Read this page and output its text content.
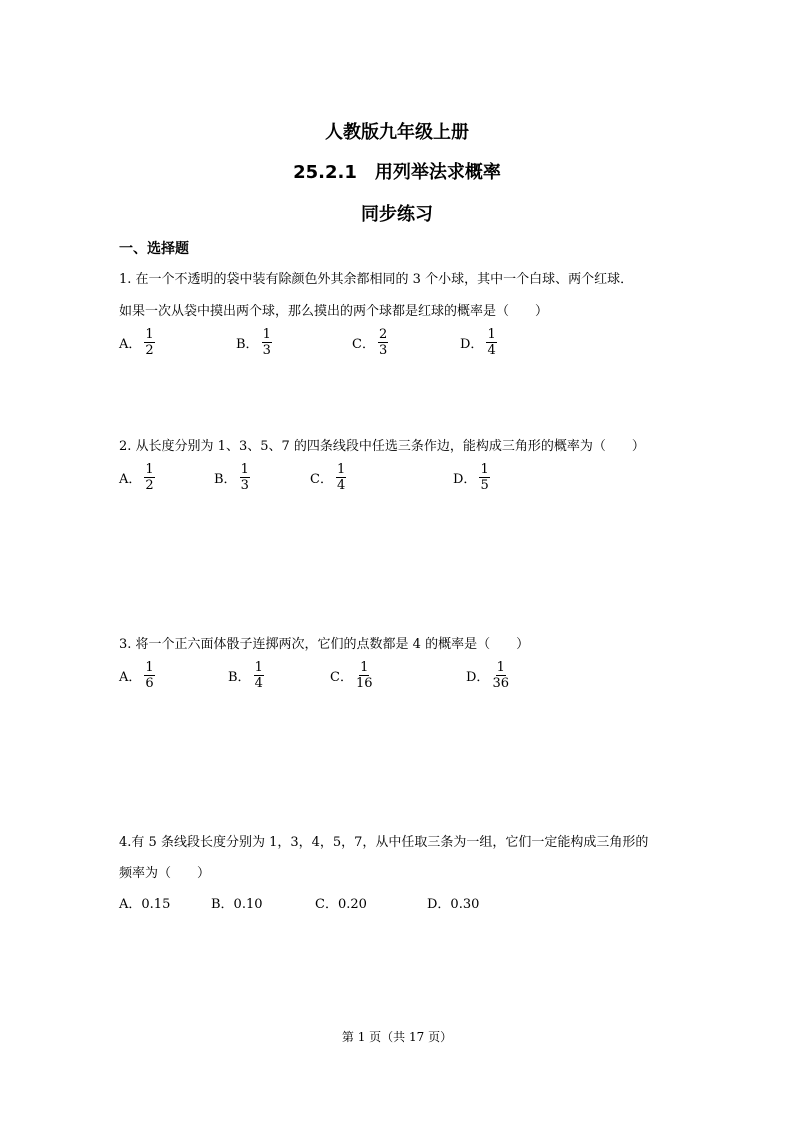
人教版九年级上册
25.2.1　用列举法求概率
同步练习
一、选择题
1. 在一个不透明的袋中装有除颜色外其余都相同的 3 个小球，其中一个白球、两个红球．
如果一次从袋中摸出两个球，那么摸出的两个球都是红球的概率是（　　）
A． $\frac{1}{2}$	B． $\frac{1}{3}$	C． $\frac{2}{3}$	D． $\frac{1}{4}$
2. 从长度分别为 1、3、5、7 的四条线段中任选三条作边，能构成三角形的概率为（　　）
A． $\frac{1}{2}$	B． $\frac{1}{3}$	C． $\frac{1}{4}$	D． $\frac{1}{5}$
3. 将一个正六面体骰子连掷两次，它们的点数都是 4 的概率是（　　）
A． $\frac{1}{6}$	B． $\frac{1}{4}$	C． $\frac{1}{16}$	D． $\frac{1}{36}$
4.有 5 条线段长度分别为 1，3，4，5，7，从中任取三条为一组，它们一定能构成三角形的
频率为（　　）
A．0.15	B．0.10	C．0.20	D．0.30
第 1 页（共 17 页）
